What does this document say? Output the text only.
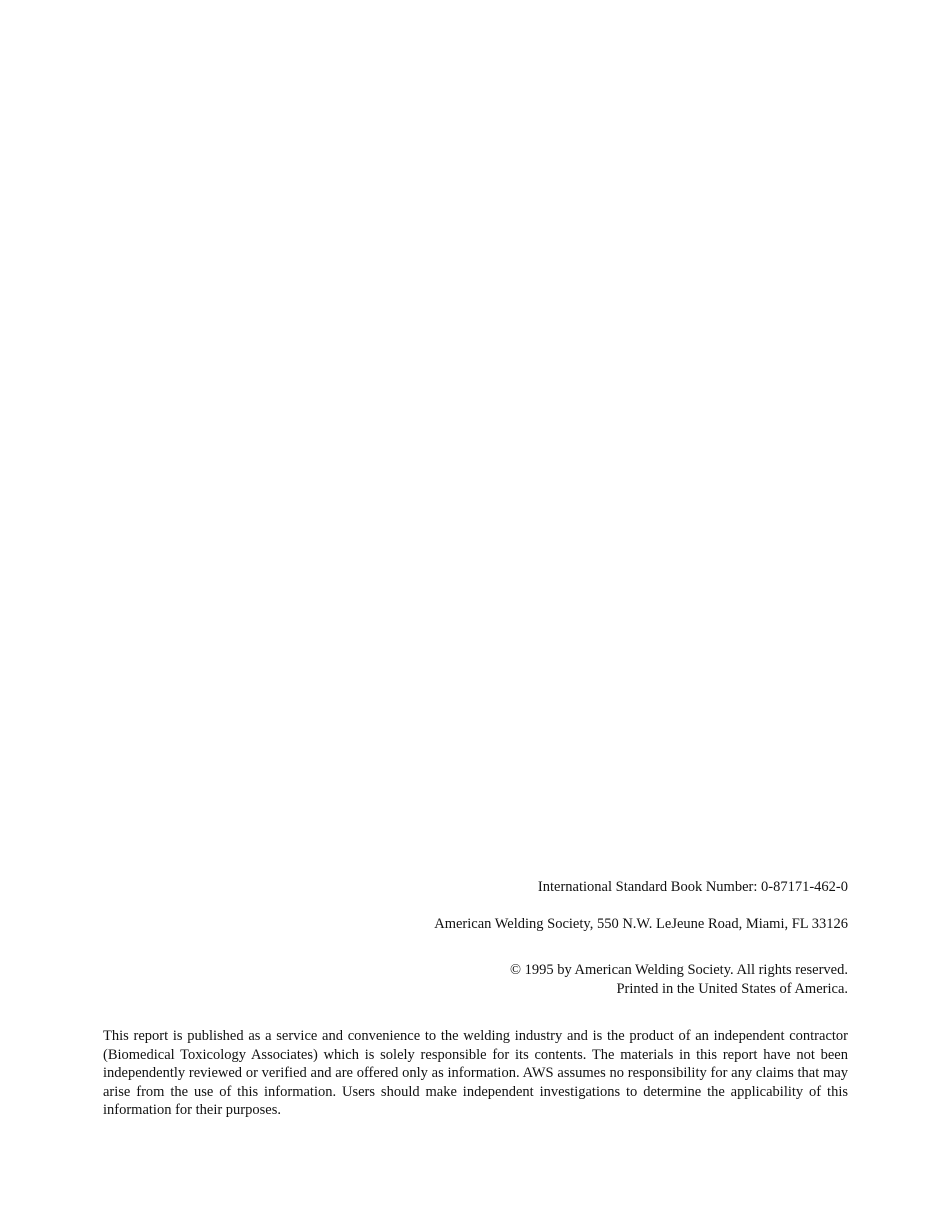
International Standard Book Number: 0-87171-462-0
American Welding Society, 550 N.W. LeJeune Road, Miami, FL 33126
© 1995 by American Welding Society. All rights reserved.
Printed in the United States of America.
This report is published as a service and convenience to the welding industry and is the product of an independent contractor (Biomedical Toxicology Associates) which is solely responsible for its contents. The materials in this report have not been independently reviewed or verified and are offered only as information. AWS assumes no responsibility for any claims that may arise from the use of this information. Users should make independent investigations to determine the applicability of this information for their purposes.
